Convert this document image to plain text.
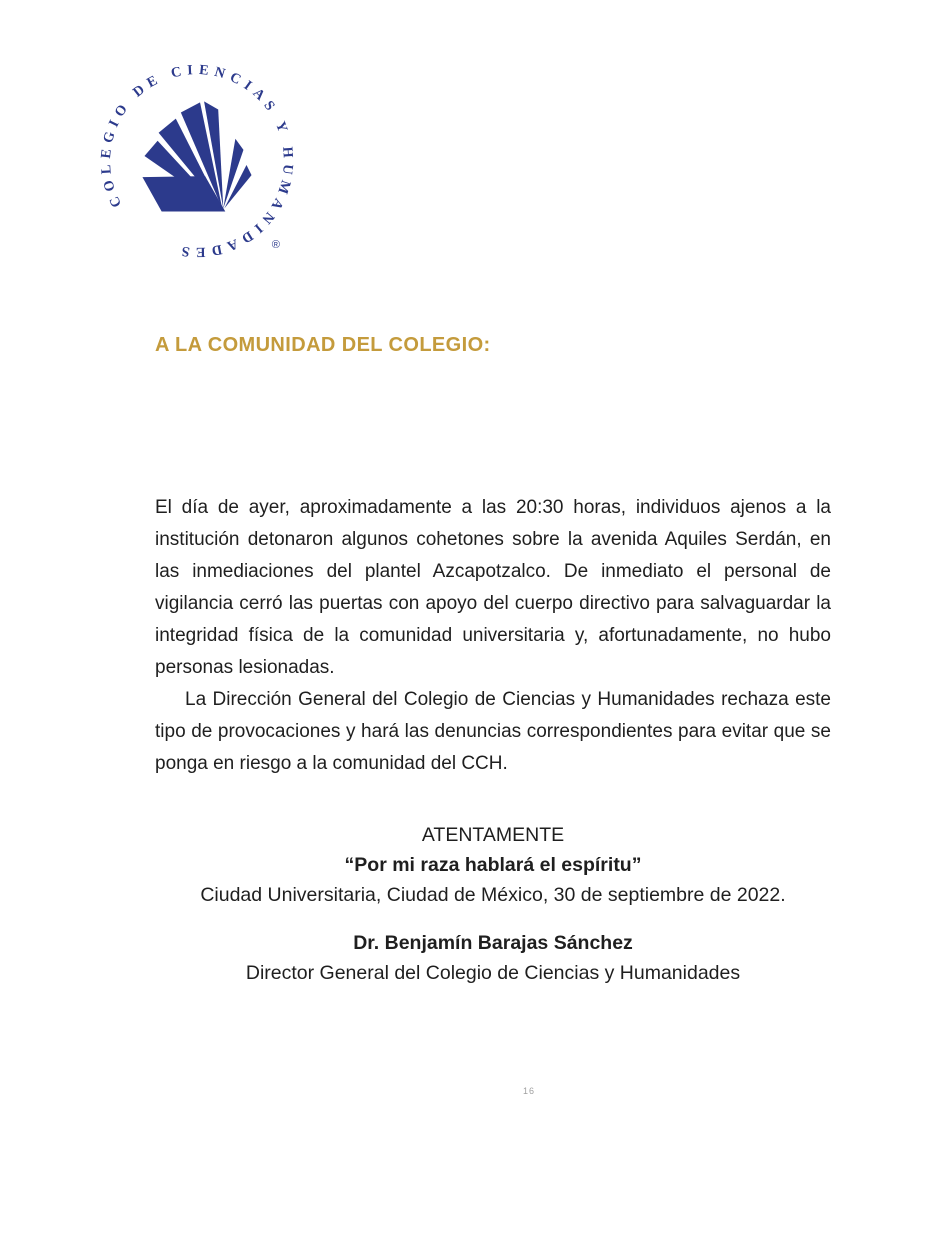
COLEGIO DE CIENCIAS Y HUMANIDADES	®
A LA COMUNIDAD DEL COLEGIO:

El día de ayer, aproximadamente a las 20:30 horas, individuos ajenos a la institución detonaron algunos cohetones sobre la avenida Aquiles Serdán, en las inmediaciones del plantel Azcapotzalco. De inmediato el personal de vigilancia cerró las puertas con apoyo del cuerpo directivo para salvaguardar la integridad física de la comunidad universitaria y, afortunadamente, no hubo personas lesionadas.

La Dirección General del Colegio de Ciencias y Humanidades rechaza este tipo de provocaciones y hará las denuncias correspondientes para evitar que se ponga en riesgo a la comunidad del CCH.

ATENTAMENTE
“Por mi raza hablará el espíritu”
Ciudad Universitaria, Ciudad de México, 30 de septiembre de 2022.
Dr. Benjamín Barajas Sánchez
Director General del Colegio de Ciencias y Humanidades
16
